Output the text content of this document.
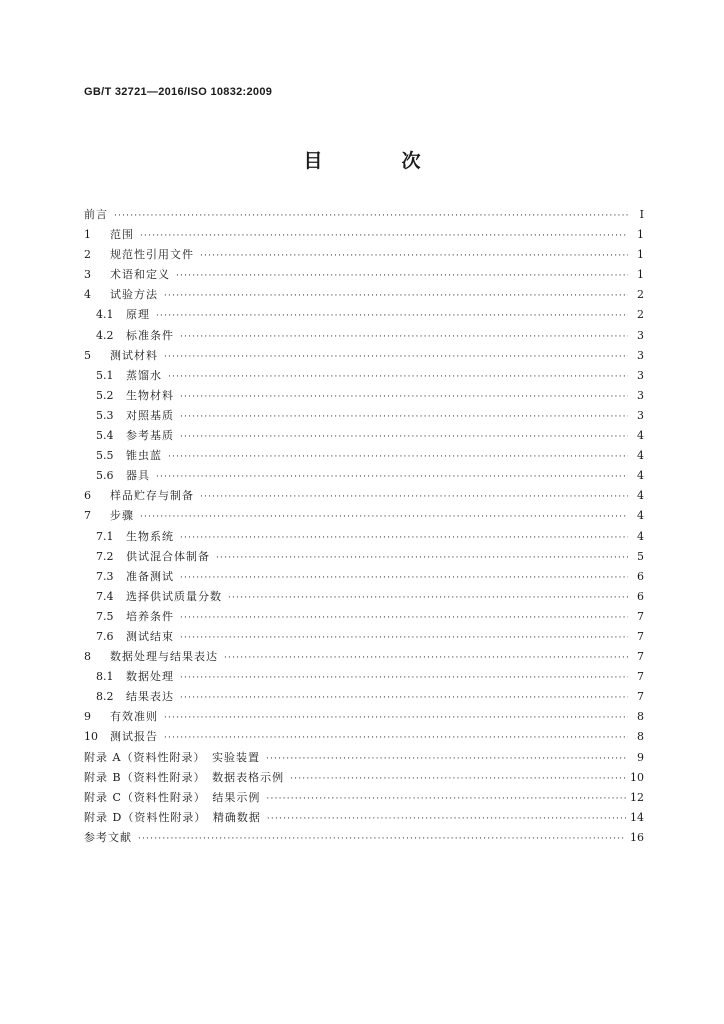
GB/T 32721—2016/ISO 10832:2009
目　次
前言 ·····	Ⅰ
1	范围 ·····	1
2	规范性引用文件 ·····	1
3	术语和定义 ·····	1
4	试验方法 ·····	2
4.1	原理 ·····	2
4.2	标准条件 ·····	3
5	测试材料 ·····	3
5.1	蒸馏水 ·····	3
5.2	生物材料 ·····	3
5.3	对照基质 ·····	3
5.4	参考基质 ·····	4
5.5	锥虫蓝 ·····	4
5.6	器具 ·····	4
6	样品贮存与制备 ·····	4
7	步骤 ·····	4
7.1	生物系统 ·····	4
7.2	供试混合体制备 ·····	5
7.3	准备测试 ·····	6
7.4	选择供试质量分数 ·····	6
7.5	培养条件 ·····	7
7.6	测试结束 ·····	7
8	数据处理与结果表达 ·····	7
8.1	数据处理 ·····	7
8.2	结果表达 ·····	7
9	有效准则 ·····	8
10	测试报告 ·····	8
附录 A（资料性附录）　实验装置 ·····	9
附录 B（资料性附录）　数据表格示例 ·····	10
附录 C（资料性附录）　结果示例 ·····	12
附录 D（资料性附录）　精确数据 ·····	14
参考文献 ·····	16
